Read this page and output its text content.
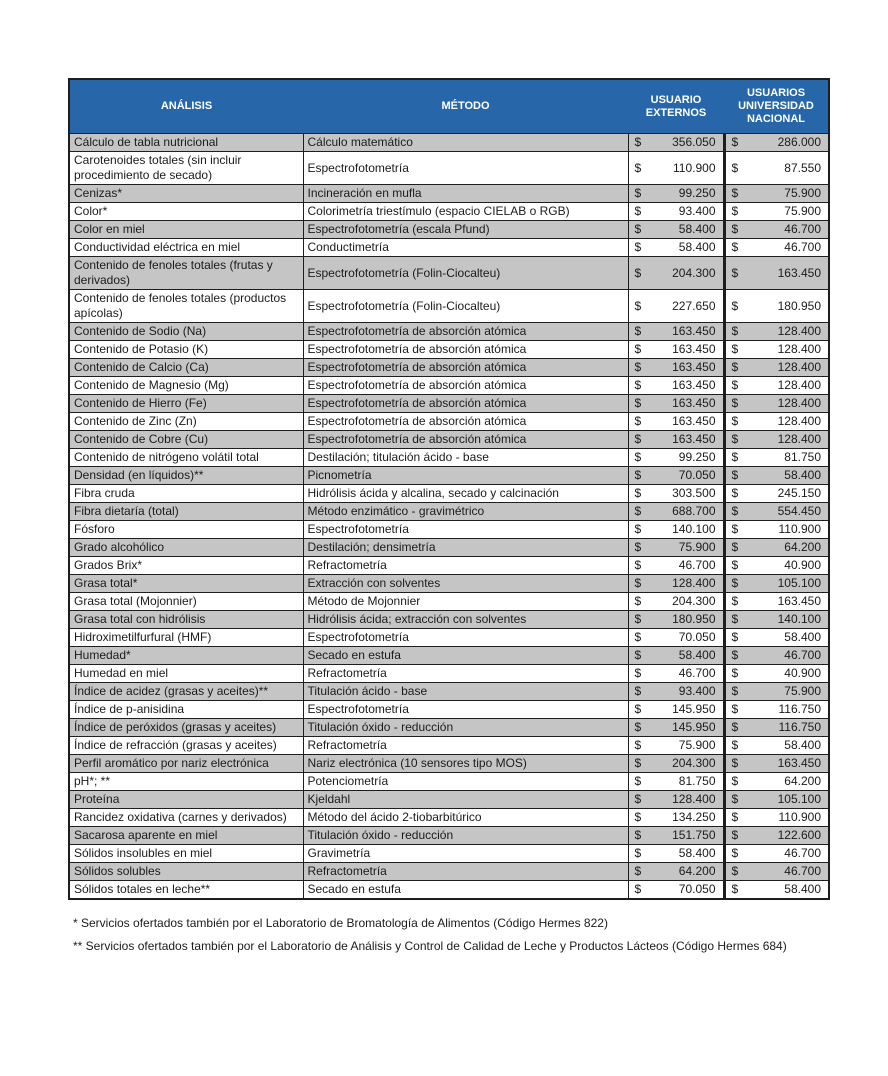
ANÁLISIS	MÉTODO	USUARIO EXTERNOS	USUARIOS UNIVERSIDAD NACIONAL
Cálculo de tabla nutricional	Cálculo matemático	$ 356.050	$ 286.000
Carotenoides totales (sin incluir procedimiento de secado)	Espectrofotometría	$ 110.900	$ 87.550
Cenizas*	Incineración en mufla	$ 99.250	$ 75.900
Color*	Colorimetría triestímulo (espacio CIELAB o RGB)	$ 93.400	$ 75.900
Color en miel	Espectrofotometría (escala Pfund)	$ 58.400	$ 46.700
Conductividad eléctrica en miel	Conductimetría	$ 58.400	$ 46.700
Contenido de fenoles totales (frutas y derivados)	Espectrofotometría (Folin-Ciocalteu)	$ 204.300	$ 163.450
Contenido de fenoles totales (productos apícolas)	Espectrofotometría (Folin-Ciocalteu)	$ 227.650	$ 180.950
Contenido de Sodio (Na)	Espectrofotometría de absorción atómica	$ 163.450	$ 128.400
Contenido de Potasio (K)	Espectrofotometría de absorción atómica	$ 163.450	$ 128.400
Contenido de Calcio (Ca)	Espectrofotometría de absorción atómica	$ 163.450	$ 128.400
Contenido de Magnesio (Mg)	Espectrofotometría de absorción atómica	$ 163.450	$ 128.400
Contenido de Hierro (Fe)	Espectrofotometría de absorción atómica	$ 163.450	$ 128.400
Contenido de Zinc (Zn)	Espectrofotometría de absorción atómica	$ 163.450	$ 128.400
Contenido de Cobre (Cu)	Espectrofotometría de absorción atómica	$ 163.450	$ 128.400
Contenido de nitrógeno volátil total	Destilación; titulación ácido - base	$ 99.250	$ 81.750
Densidad (en líquidos)**	Picnometría	$ 70.050	$ 58.400
Fibra cruda	Hidrólisis ácida y alcalina, secado y calcinación	$ 303.500	$ 245.150
Fibra dietaría (total)	Método enzimático - gravimétrico	$ 688.700	$ 554.450
Fósforo	Espectrofotometría	$ 140.100	$ 110.900
Grado alcohólico	Destilación; densimetría	$ 75.900	$ 64.200
Grados Brix*	Refractometría	$ 46.700	$ 40.900
Grasa total*	Extracción con solventes	$ 128.400	$ 105.100
Grasa total (Mojonnier)	Método de Mojonnier	$ 204.300	$ 163.450
Grasa total con hidrólisis	Hidrólisis ácida; extracción con solventes	$ 180.950	$ 140.100
Hidroximetilfurfural (HMF)	Espectrofotometría	$ 70.050	$ 58.400
Humedad*	Secado en estufa	$ 58.400	$ 46.700
Humedad en miel	Refractometría	$ 46.700	$ 40.900
Índice de acidez (grasas y aceites)**	Titulación ácido - base	$ 93.400	$ 75.900
Índice de p-anisidina	Espectrofotometría	$ 145.950	$ 116.750
Índice de peróxidos (grasas y aceites)	Titulación óxido - reducción	$ 145.950	$ 116.750
Índice de refracción (grasas y aceites)	Refractometría	$ 75.900	$ 58.400
Perfil aromático por nariz electrónica	Nariz electrónica (10 sensores tipo MOS)	$ 204.300	$ 163.450
pH*; **	Potenciometría	$ 81.750	$ 64.200
Proteína	Kjeldahl	$ 128.400	$ 105.100
Rancidez oxidativa (carnes y derivados)	Método del ácido 2-tiobarbitúrico	$ 134.250	$ 110.900
Sacarosa aparente en miel	Titulación óxido - reducción	$ 151.750	$ 122.600
Sólidos insolubles en miel	Gravimetría	$ 58.400	$ 46.700
Sólidos solubles	Refractometría	$ 64.200	$ 46.700
Sólidos totales en leche**	Secado en estufa	$ 70.050	$ 58.400

* Servicios ofertados también por el Laboratorio de Bromatología de Alimentos (Código Hermes 822)

** Servicios ofertados también por el Laboratorio de Análisis y Control de Calidad de Leche y Productos Lácteos (Código Hermes 684)
